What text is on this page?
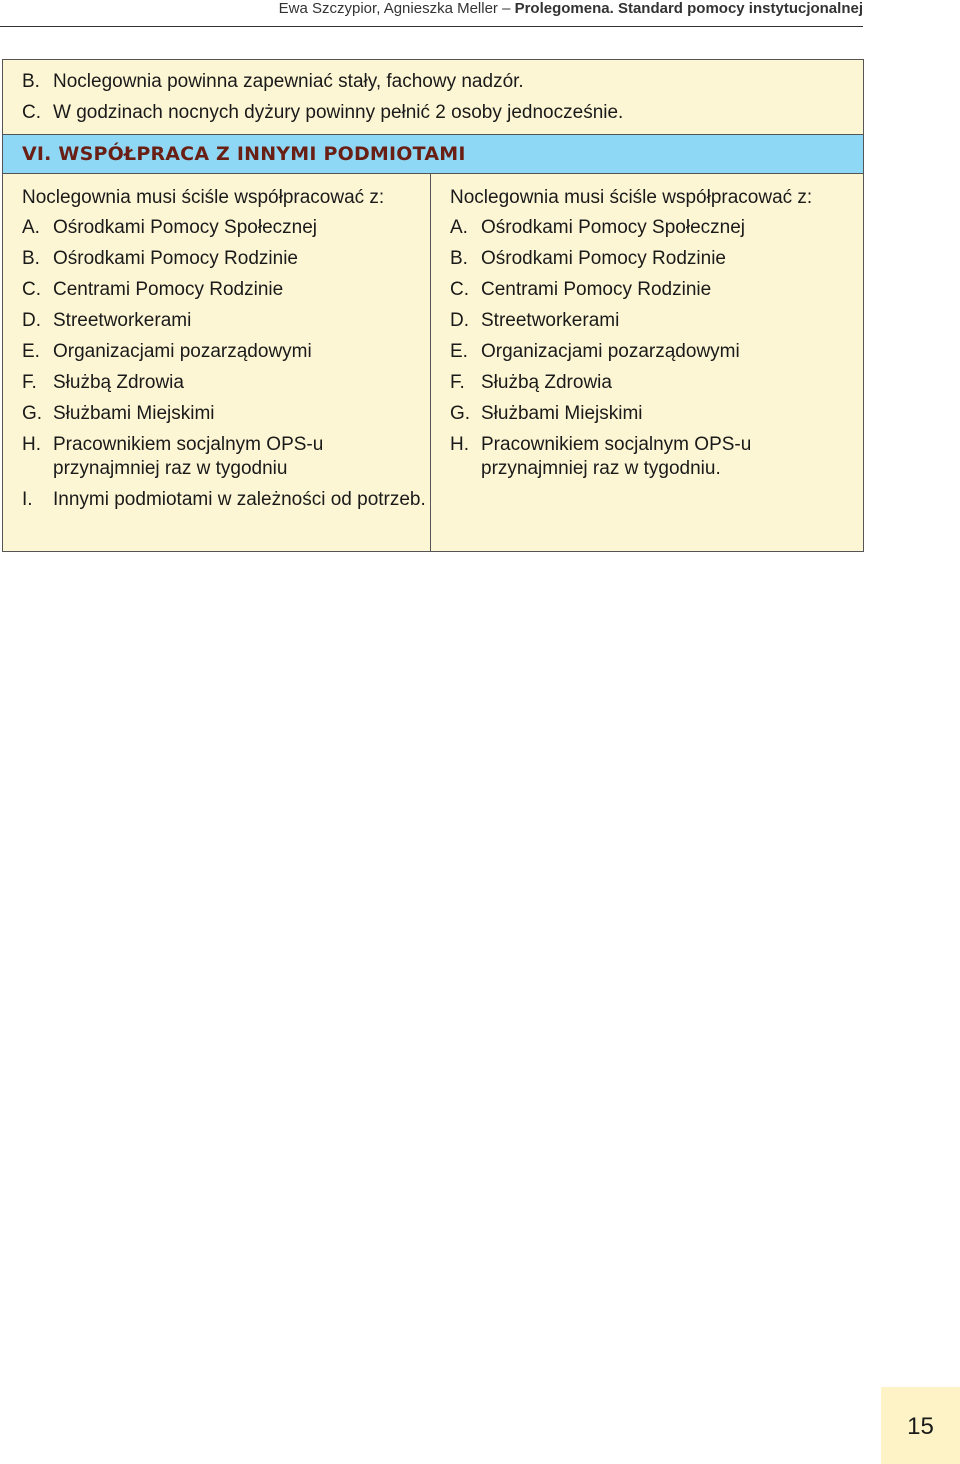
Ewa Szczypior, Agnieszka Meller – Prolegomena. Standard pomocy instytucjonalnej
B. Noclegownia powinna zapewniać stały, fachowy nadzór.
C. W godzinach nocnych dyżury powinny pełnić 2 osoby jednocześnie.
VI. WSPÓŁPRACA Z INNYMI PODMIOTAMI
Noclegownia musi ściśle współpracować z:
A. Ośrodkami Pomocy Społecznej
B. Ośrodkami Pomocy Rodzinie
C. Centrami Pomocy Rodzinie
D. Streetworkerami
E. Organizacjami pozarządowymi
F. Służbą Zdrowia
G. Służbami Miejskimi
H. Pracownikiem socjalnym OPS-u przynajmniej raz w tygodniu
I.	Innymi podmiotami w zależności od potrzeb.
Noclegownia musi ściśle współpracować z:
A. Ośrodkami Pomocy Społecznej
B. Ośrodkami Pomocy Rodzinie
C. Centrami Pomocy Rodzinie
D. Streetworkerami
E. Organizacjami pozarządowymi
F. Służbą Zdrowia
G. Służbami Miejskimi
H. Pracownikiem socjalnym OPS-u przynajmniej raz w tygodniu.
15
